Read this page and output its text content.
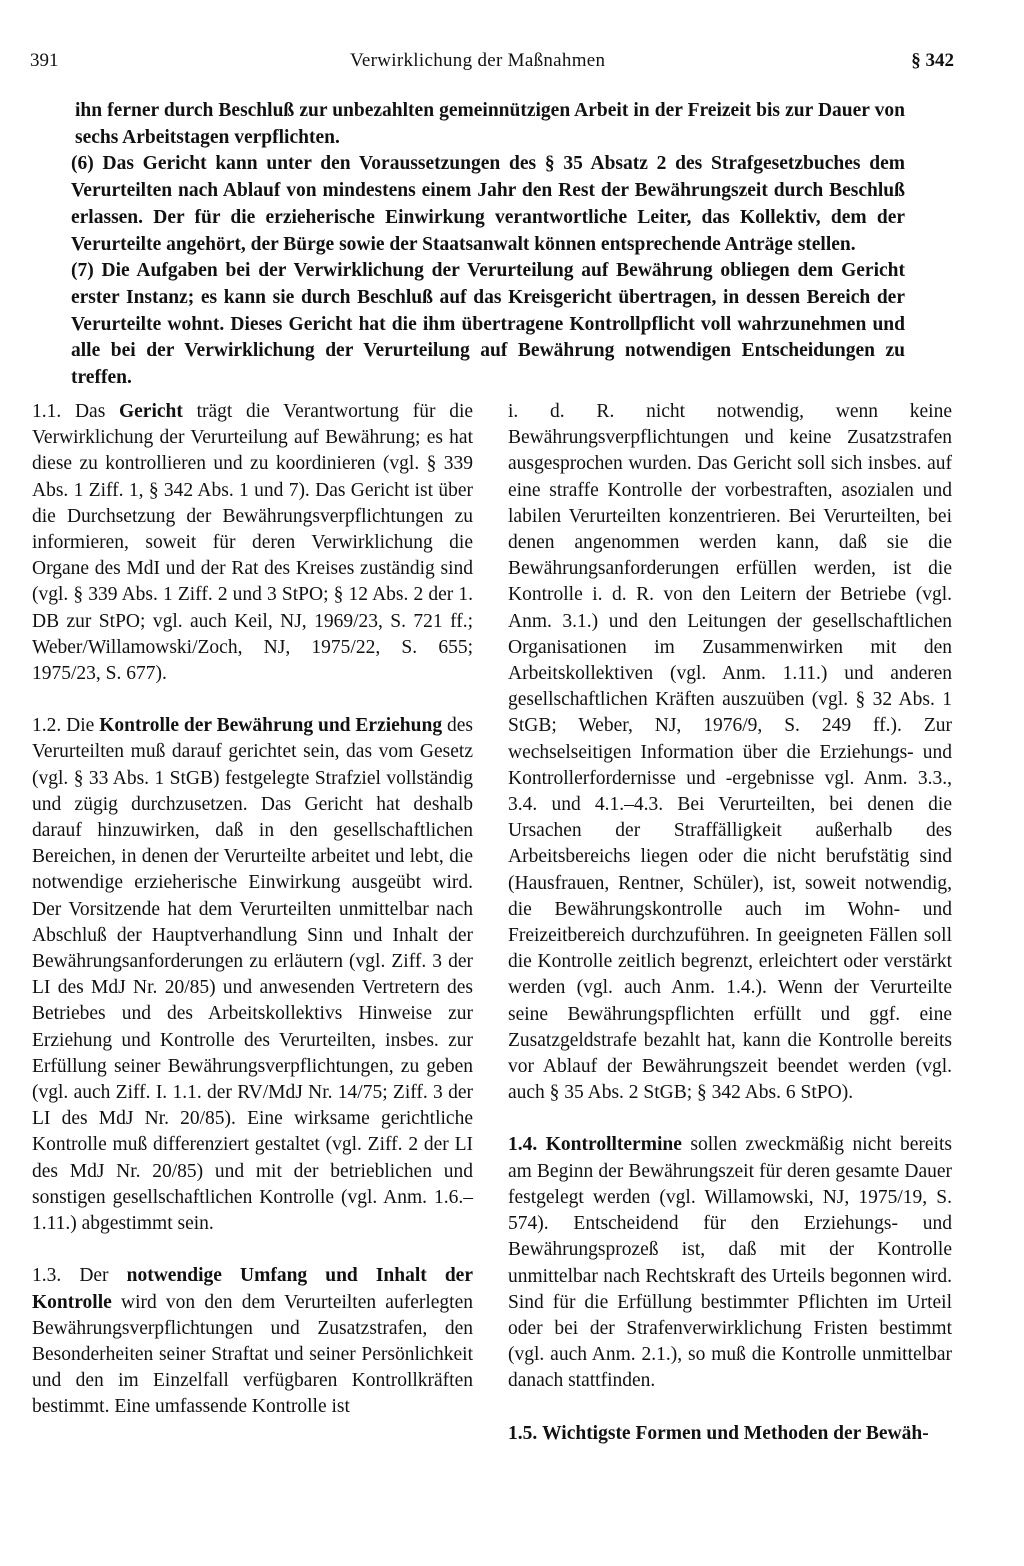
391	Verwirklichung der Maßnahmen	§ 342

ihn ferner durch Beschluß zur unbezahlten gemeinnützigen Arbeit in der Freizeit bis zur Dauer von sechs Arbeitstagen verpflichten.

(6) Das Gericht kann unter den Voraussetzungen des § 35 Absatz 2 des Strafgesetzbuches dem Verurteilten nach Ablauf von mindestens einem Jahr den Rest der Bewährungszeit durch Beschluß erlassen. Der für die erzieherische Einwirkung verantwortliche Leiter, das Kollektiv, dem der Verurteilte angehört, der Bürge sowie der Staatsanwalt können entsprechende Anträge stellen.

(7) Die Aufgaben bei der Verwirklichung der Verurteilung auf Bewährung obliegen dem Gericht erster Instanz; es kann sie durch Beschluß auf das Kreisgericht übertragen, in dessen Bereich der Verurteilte wohnt. Dieses Gericht hat die ihm übertragene Kontrollpflicht voll wahrzunehmen und alle bei der Verwirklichung der Verurteilung auf Bewährung notwendigen Entscheidungen zu treffen.

1.1. Das Gericht trägt die Verantwortung für die Verwirklichung der Verurteilung auf Bewährung; es hat diese zu kontrollieren und zu koordinieren (vgl. § 339 Abs. 1 Ziff. 1, § 342 Abs. 1 und 7). Das Gericht ist über die Durchsetzung der Bewährungsverpflichtungen zu informieren, soweit für deren Verwirklichung die Organe des MdI und der Rat des Kreises zuständig sind (vgl. § 339 Abs. 1 Ziff. 2 und 3 StPO; § 12 Abs. 2 der 1. DB zur StPO; vgl. auch Keil, NJ, 1969/23, S. 721 ff.; Weber/Willamowski/Zoch, NJ, 1975/22, S. 655; 1975/23, S. 677).

1.2. Die Kontrolle der Bewährung und Erziehung des Verurteilten muß darauf gerichtet sein, das vom Gesetz (vgl. § 33 Abs. 1 StGB) festgelegte Strafziel vollständig und zügig durchzusetzen. Das Gericht hat deshalb darauf hinzuwirken, daß in den gesellschaftlichen Bereichen, in denen der Verurteilte arbeitet und lebt, die notwendige erzieherische Einwirkung ausgeübt wird. Der Vorsitzende hat dem Verurteilten unmittelbar nach Abschluß der Hauptverhandlung Sinn und Inhalt der Bewährungsanforderungen zu erläutern (vgl. Ziff. 3 der LI des MdJ Nr. 20/85) und anwesenden Vertretern des Betriebes und des Arbeitskollektivs Hinweise zur Erziehung und Kontrolle des Verurteilten, insbes. zur Erfüllung seiner Bewährungsverpflichtungen, zu geben (vgl. auch Ziff. I. 1.1. der RV/MdJ Nr. 14/75; Ziff. 3 der LI des MdJ Nr. 20/85). Eine wirksame gerichtliche Kontrolle muß differenziert gestaltet (vgl. Ziff. 2 der LI des MdJ Nr. 20/85) und mit der betrieblichen und sonstigen gesellschaftlichen Kontrolle (vgl. Anm. 1.6.–1.11.) abgestimmt sein.

1.3. Der notwendige Umfang und Inhalt der Kontrolle wird von den dem Verurteilten auferlegten Bewährungsverpflichtungen und Zusatzstrafen, den Besonderheiten seiner Straftat und seiner Persönlichkeit und den im Einzelfall verfügbaren Kontrollkräften bestimmt. Eine umfassende Kontrolle ist

i. d. R. nicht notwendig, wenn keine Bewährungsverpflichtungen und keine Zusatzstrafen ausgesprochen wurden. Das Gericht soll sich insbes. auf eine straffe Kontrolle der vorbestraften, asozialen und labilen Verurteilten konzentrieren. Bei Verurteilten, bei denen angenommen werden kann, daß sie die Bewährungsanforderungen erfüllen werden, ist die Kontrolle i. d. R. von den Leitern der Betriebe (vgl. Anm. 3.1.) und den Leitungen der gesellschaftlichen Organisationen im Zusammenwirken mit den Arbeitskollektiven (vgl. Anm. 1.11.) und anderen gesellschaftlichen Kräften auszuüben (vgl. § 32 Abs. 1 StGB; Weber, NJ, 1976/9, S. 249 ff.). Zur wechselseitigen Information über die Erziehungs- und Kontrollerfordernisse und -ergebnisse vgl. Anm. 3.3., 3.4. und 4.1.–4.3. Bei Verurteilten, bei denen die Ursachen der Straffälligkeit außerhalb des Arbeitsbereichs liegen oder die nicht berufstätig sind (Hausfrauen, Rentner, Schüler), ist, soweit notwendig, die Bewährungskontrolle auch im Wohn- und Freizeitbereich durchzuführen. In geeigneten Fällen soll die Kontrolle zeitlich begrenzt, erleichtert oder verstärkt werden (vgl. auch Anm. 1.4.). Wenn der Verurteilte seine Bewährungspflichten erfüllt und ggf. eine Zusatzgeldstrafe bezahlt hat, kann die Kontrolle bereits vor Ablauf der Bewährungszeit beendet werden (vgl. auch § 35 Abs. 2 StGB; § 342 Abs. 6 StPO).

1.4. Kontrolltermine sollen zweckmäßig nicht bereits am Beginn der Bewährungszeit für deren gesamte Dauer festgelegt werden (vgl. Willamowski, NJ, 1975/19, S. 574). Entscheidend für den Erziehungs- und Bewährungsprozeß ist, daß mit der Kontrolle unmittelbar nach Rechtskraft des Urteils begonnen wird. Sind für die Erfüllung bestimmter Pflichten im Urteil oder bei der Strafenverwirklichung Fristen bestimmt (vgl. auch Anm. 2.1.), so muß die Kontrolle unmittelbar danach stattfinden.

1.5. Wichtigste Formen und Methoden der Bewäh-
